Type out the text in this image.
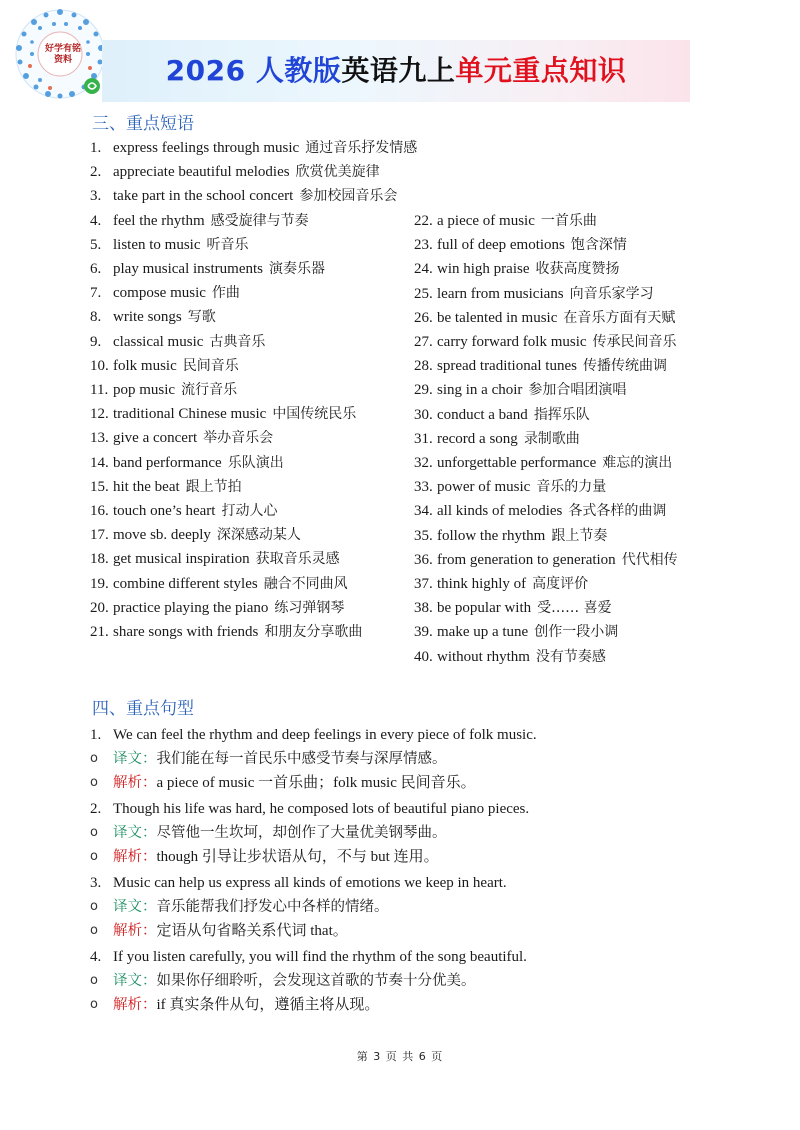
好学有铭
资料	2026 人教版英语九上单元重点知识
三、重点短语
1. express feelings through music 通过音乐抒发情感
2. appreciate beautiful melodies 欣赏优美旋律
3. take part in the school concert 参加校园音乐会
4. feel the rhythm 感受旋律与节奏
5. listen to music 听音乐
6. play musical instruments 演奏乐器
7. compose music 作曲
8. write songs 写歌
9. classical music 古典音乐
10. folk music 民间音乐
11. pop music 流行音乐
12. traditional Chinese music 中国传统民乐
13. give a concert 举办音乐会
14. band performance 乐队演出
15. hit the beat 跟上节拍
16. touch one’s heart 打动人心
17. move sb. deeply 深深感动某人
18. get musical inspiration 获取音乐灵感
19. combine different styles 融合不同曲风
20. practice playing the piano 练习弹钢琴
21. share songs with friends 和朋友分享歌曲
22. a piece of music 一首乐曲
23. full of deep emotions 饱含深情
24. win high praise 收获高度赞扬
25. learn from musicians 向音乐家学习
26. be talented in music 在音乐方面有天赋
27. carry forward folk music 传承民间音乐
28. spread traditional tunes 传播传统曲调
29. sing in a choir 参加合唱团演唱
30. conduct a band 指挥乐队
31. record a song 录制歌曲
32. unforgettable performance 难忘的演出
33. power of music 音乐的力量
34. all kinds of melodies 各式各样的曲调
35. follow the rhythm 跟上节奏
36. from generation to generation 代代相传
37. think highly of 高度评价
38. be popular with 受…… 喜爱
39. make up a tune 创作一段小调
40. without rhythm 没有节奏感
四、重点句型
1. We can feel the rhythm and deep feelings in every piece of folk music.
o 译文：我们能在每一首民乐中感受节奏与深厚情感。
o 解析：a piece of music 一首乐曲；folk music 民间音乐。
2. Though his life was hard, he composed lots of beautiful piano pieces.
o 译文：尽管他一生坎坷，却创作了大量优美钢琴曲。
o 解析：though 引导让步状语从句，不与 but 连用。
3. Music can help us express all kinds of emotions we keep in heart.
o 译文：音乐能帮我们抒发心中各样的情绪。
o 解析：定语从句省略关系代词 that。
4. If you listen carefully, you will find the rhythm of the song beautiful.
o 译文：如果你仔细聆听，会发现这首歌的节奏十分优美。
o 解析：if 真实条件从句，遵循主将从现。
第 3 页 共 6 页
